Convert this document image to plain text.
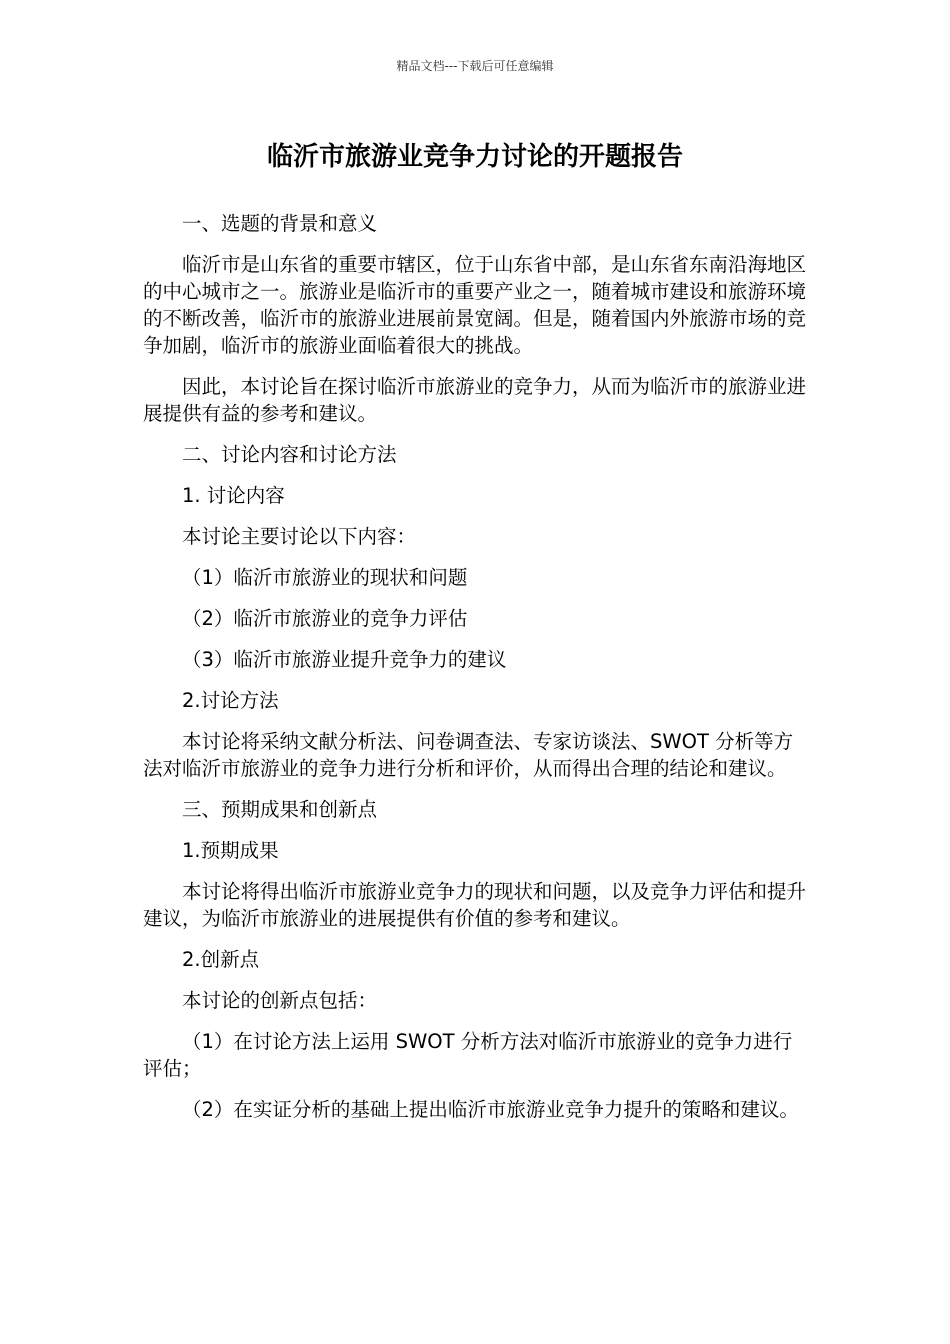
精品文档---下载后可任意编辑
临沂市旅游业竞争力讨论的开题报告

一、选题的背景和意义

临沂市是山东省的重要市辖区，位于山东省中部，是山东省东南沿海地区的中心城市之一。旅游业是临沂市的重要产业之一，随着城市建设和旅游环境的不断改善，临沂市的旅游业进展前景宽阔。但是，随着国内外旅游市场的竞争加剧，临沂市的旅游业面临着很大的挑战。

因此，本讨论旨在探讨临沂市旅游业的竞争力，从而为临沂市的旅游业进展提供有益的参考和建议。

二、讨论内容和讨论方法

1. 讨论内容

本讨论主要讨论以下内容：

（1）临沂市旅游业的现状和问题

（2）临沂市旅游业的竞争力评估

（3）临沂市旅游业提升竞争力的建议

2.讨论方法

本讨论将采纳文献分析法、问卷调查法、专家访谈法、SWOT 分析等方法对临沂市旅游业的竞争力进行分析和评价，从而得出合理的结论和建议。

三、预期成果和创新点

1.预期成果

本讨论将得出临沂市旅游业竞争力的现状和问题，以及竞争力评估和提升建议，为临沂市旅游业的进展提供有价值的参考和建议。

2.创新点

本讨论的创新点包括：

（1）在讨论方法上运用 SWOT 分析方法对临沂市旅游业的竞争力进行评估；

（2）在实证分析的基础上提出临沂市旅游业竞争力提升的策略和建议。
